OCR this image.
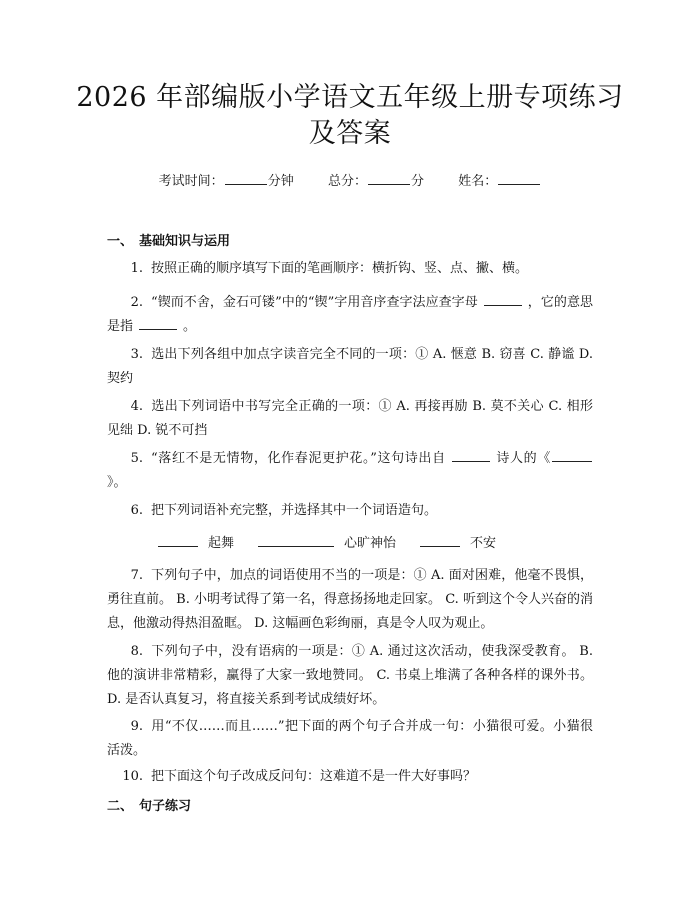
2026 年部编版小学语文五年级上册专项练习
及答案
考试时间：	分钟	总分：	分	姓名：
一、 基础知识与运用
1. 按照正确的顺序填写下面的笔画顺序：横折钩、竖、点、撇、横。
2. “锲而不舍，金石可镂”中的“锲”字用音序查字法应查字母	，它的意思是指	。
3. 选出下列各组中加点字读音完全不同的一项：① A. 惬意 B. 窃喜 C. 静谧 D. 契约
4. 选出下列词语中书写完全正确的一项：① A. 再接再励 B. 莫不关心 C. 相形见绌 D. 锐不可挡
5. “落红不是无情物，化作春泥更护花。”这句诗出自	诗人的《》。
6. 把下列词语补充完整，并选择其中一个词语造句。
起舞	心旷神怡	不安
7. 下列句子中，加点的词语使用不当的一项是：① A. 面对困难，他毫不畏惧，勇往直前。 B. 小明考试得了第一名，得意扬扬地走回家。 C. 听到这个令人兴奋的消息，他激动得热泪盈眶。 D. 这幅画色彩绚丽，真是令人叹为观止。
8. 下列句子中，没有语病的一项是：① A. 通过这次活动，使我深受教育。 B. 他的演讲非常精彩，赢得了大家一致地赞同。 C. 书桌上堆满了各种各样的课外书。 D. 是否认真复习，将直接关系到考试成绩好坏。
9. 用“不仅……而且……”把下面的两个句子合并成一句：小猫很可爱。小猫很活泼。
10. 把下面这个句子改成反问句：这难道不是一件大好事吗？
二、 句子练习
